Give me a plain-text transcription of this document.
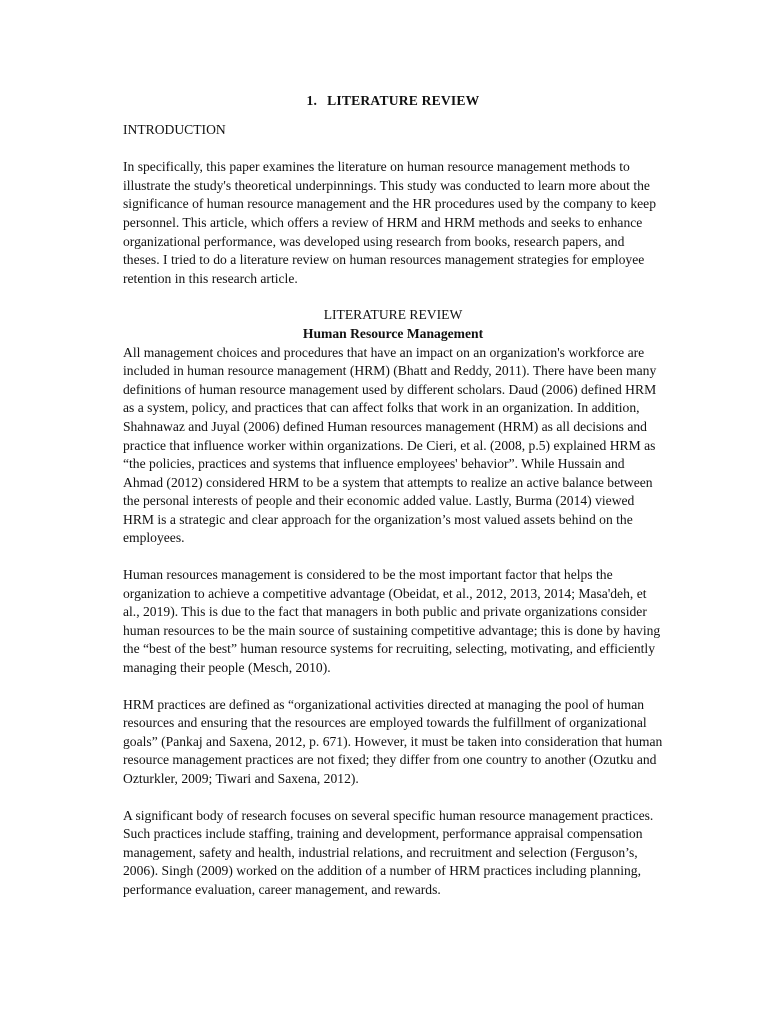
1. LITERATURE REVIEW
INTRODUCTION

In specifically, this paper examines the literature on human resource management methods to illustrate the study's theoretical underpinnings. This study was conducted to learn more about the significance of human resource management and the HR procedures used by the company to keep personnel. This article, which offers a review of HRM and HRM methods and seeks to enhance organizational performance, was developed using research from books, research papers, and theses. I tried to do a literature review on human resources management strategies for employee retention in this research article.

LITERATURE REVIEW
Human Resource Management

All management choices and procedures that have an impact on an organization's workforce are included in human resource management (HRM) (Bhatt and Reddy, 2011). There have been many definitions of human resource management used by different scholars. Daud (2006) defined HRM as a system, policy, and practices that can affect folks that work in an organization. In addition, Shahnawaz and Juyal (2006) defined Human resources management (HRM) as all decisions and practice that influence worker within organizations. De Cieri, et al. (2008, p.5) explained HRM as “the policies, practices and systems that influence employees' behavior”. While Hussain and Ahmad (2012) considered HRM to be a system that attempts to realize an active balance between the personal interests of people and their economic added value. Lastly, Burma (2014) viewed HRM is a strategic and clear approach for the organization’s most valued assets behind on the employees.

Human resources management is considered to be the most important factor that helps the organization to achieve a competitive advantage (Obeidat, et al., 2012, 2013, 2014; Masa'deh, et al., 2019). This is due to the fact that managers in both public and private organizations consider human resources to be the main source of sustaining competitive advantage; this is done by having the “best of the best” human resource systems for recruiting, selecting, motivating, and efficiently managing their people (Mesch, 2010).

HRM practices are defined as “organizational activities directed at managing the pool of human resources and ensuring that the resources are employed towards the fulfillment of organizational goals” (Pankaj and Saxena, 2012, p. 671). However, it must be taken into consideration that human resource management practices are not fixed; they differ from one country to another (Ozutku and Ozturkler, 2009; Tiwari and Saxena, 2012).

A significant body of research focuses on several specific human resource management practices. Such practices include staffing, training and development, performance appraisal compensation management, safety and health, industrial relations, and recruitment and selection (Ferguson’s, 2006). Singh (2009) worked on the addition of a number of HRM practices including planning, performance evaluation, career management, and rewards.
